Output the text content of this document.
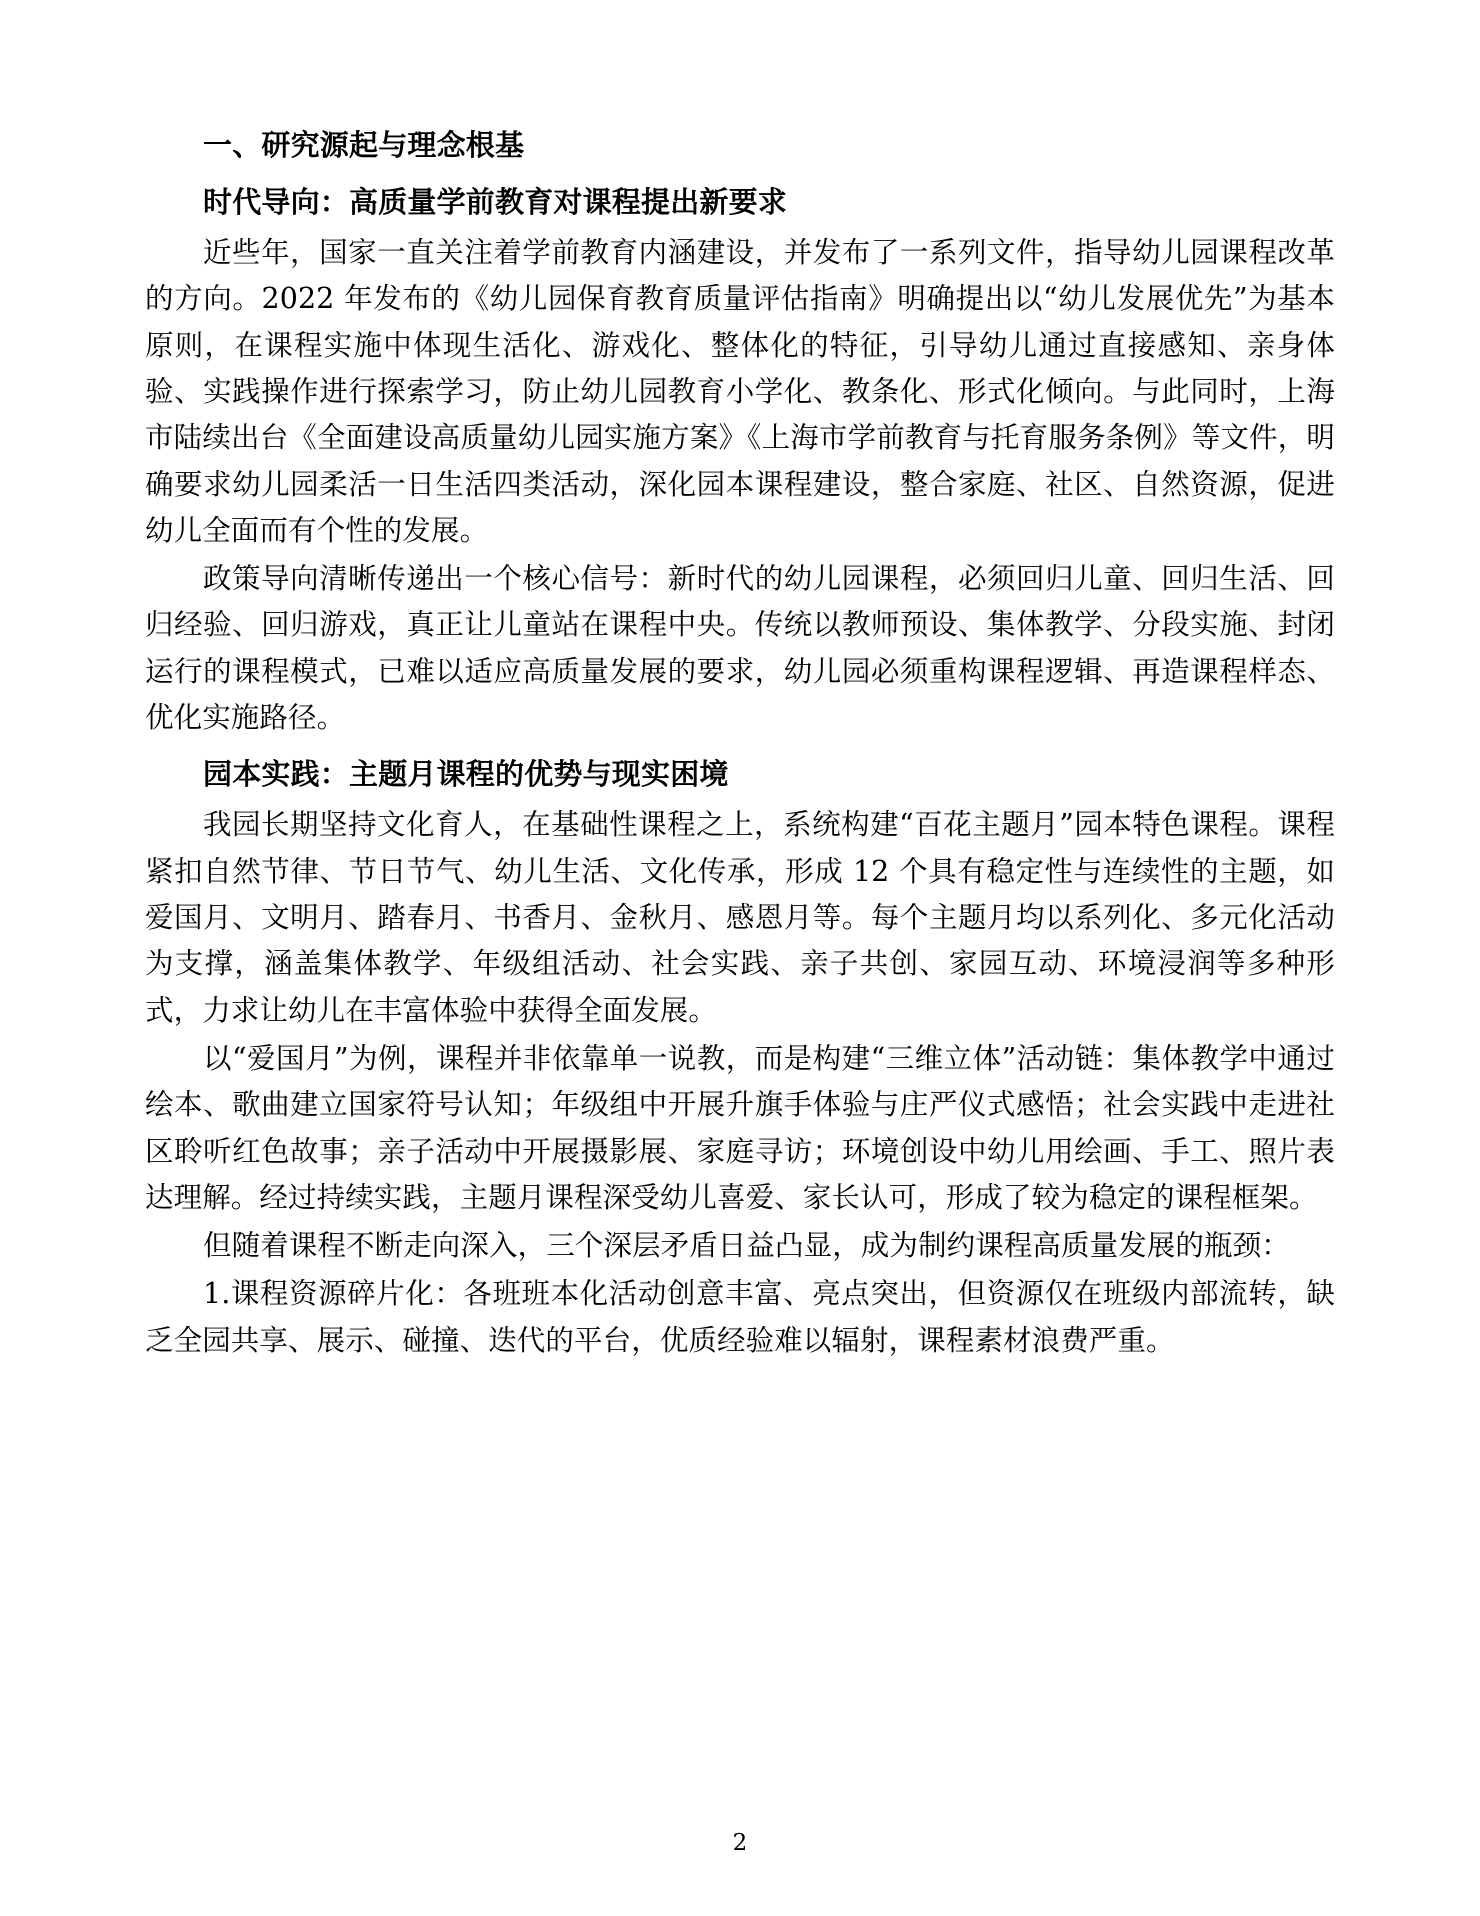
一、研究源起与理念根基
时代导向：高质量学前教育对课程提出新要求

近些年，国家一直关注着学前教育内涵建设，并发布了一系列文件，指导幼儿园课程改革的方向。2022 年发布的《幼儿园保育教育质量评估指南》明确提出以“幼儿发展优先”为基本原则，在课程实施中体现生活化、游戏化、整体化的特征，引导幼儿通过直接感知、亲身体验、实践操作进行探索学习，防止幼儿园教育小学化、教条化、形式化倾向。与此同时，上海市陆续出台《全面建设高质量幼儿园实施方案》《上海市学前教育与托育服务条例》等文件，明确要求幼儿园柔活一日生活四类活动，深化园本课程建设，整合家庭、社区、自然资源，促进幼儿全面而有个性的发展。

政策导向清晰传递出一个核心信号：新时代的幼儿园课程，必须回归儿童、回归生活、回归经验、回归游戏，真正让儿童站在课程中央。传统以教师预设、集体教学、分段实施、封闭运行的课程模式，已难以适应高质量发展的要求，幼儿园必须重构课程逻辑、再造课程样态、优化实施路径。

园本实践：主题月课程的优势与现实困境

我园长期坚持文化育人，在基础性课程之上，系统构建“百花主题月”园本特色课程。课程紧扣自然节律、节日节气、幼儿生活、文化传承，形成 12 个具有稳定性与连续性的主题，如爱国月、文明月、踏春月、书香月、金秋月、感恩月等。每个主题月均以系列化、多元化活动为支撑，涵盖集体教学、年级组活动、社会实践、亲子共创、家园互动、环境浸润等多种形式，力求让幼儿在丰富体验中获得全面发展。

以“爱国月”为例，课程并非依靠单一说教，而是构建“三维立体”活动链：集体教学中通过绘本、歌曲建立国家符号认知；年级组中开展升旗手体验与庄严仪式感悟；社会实践中走进社区聆听红色故事；亲子活动中开展摄影展、家庭寻访；环境创设中幼儿用绘画、手工、照片表达理解。经过持续实践，主题月课程深受幼儿喜爱、家长认可，形成了较为稳定的课程框架。

但随着课程不断走向深入，三个深层矛盾日益凸显，成为制约课程高质量发展的瓶颈：

1.课程资源碎片化：各班班本化活动创意丰富、亮点突出，但资源仅在班级内部流转，缺乏全园共享、展示、碰撞、迭代的平台，优质经验难以辐射，课程素材浪费严重。

2
